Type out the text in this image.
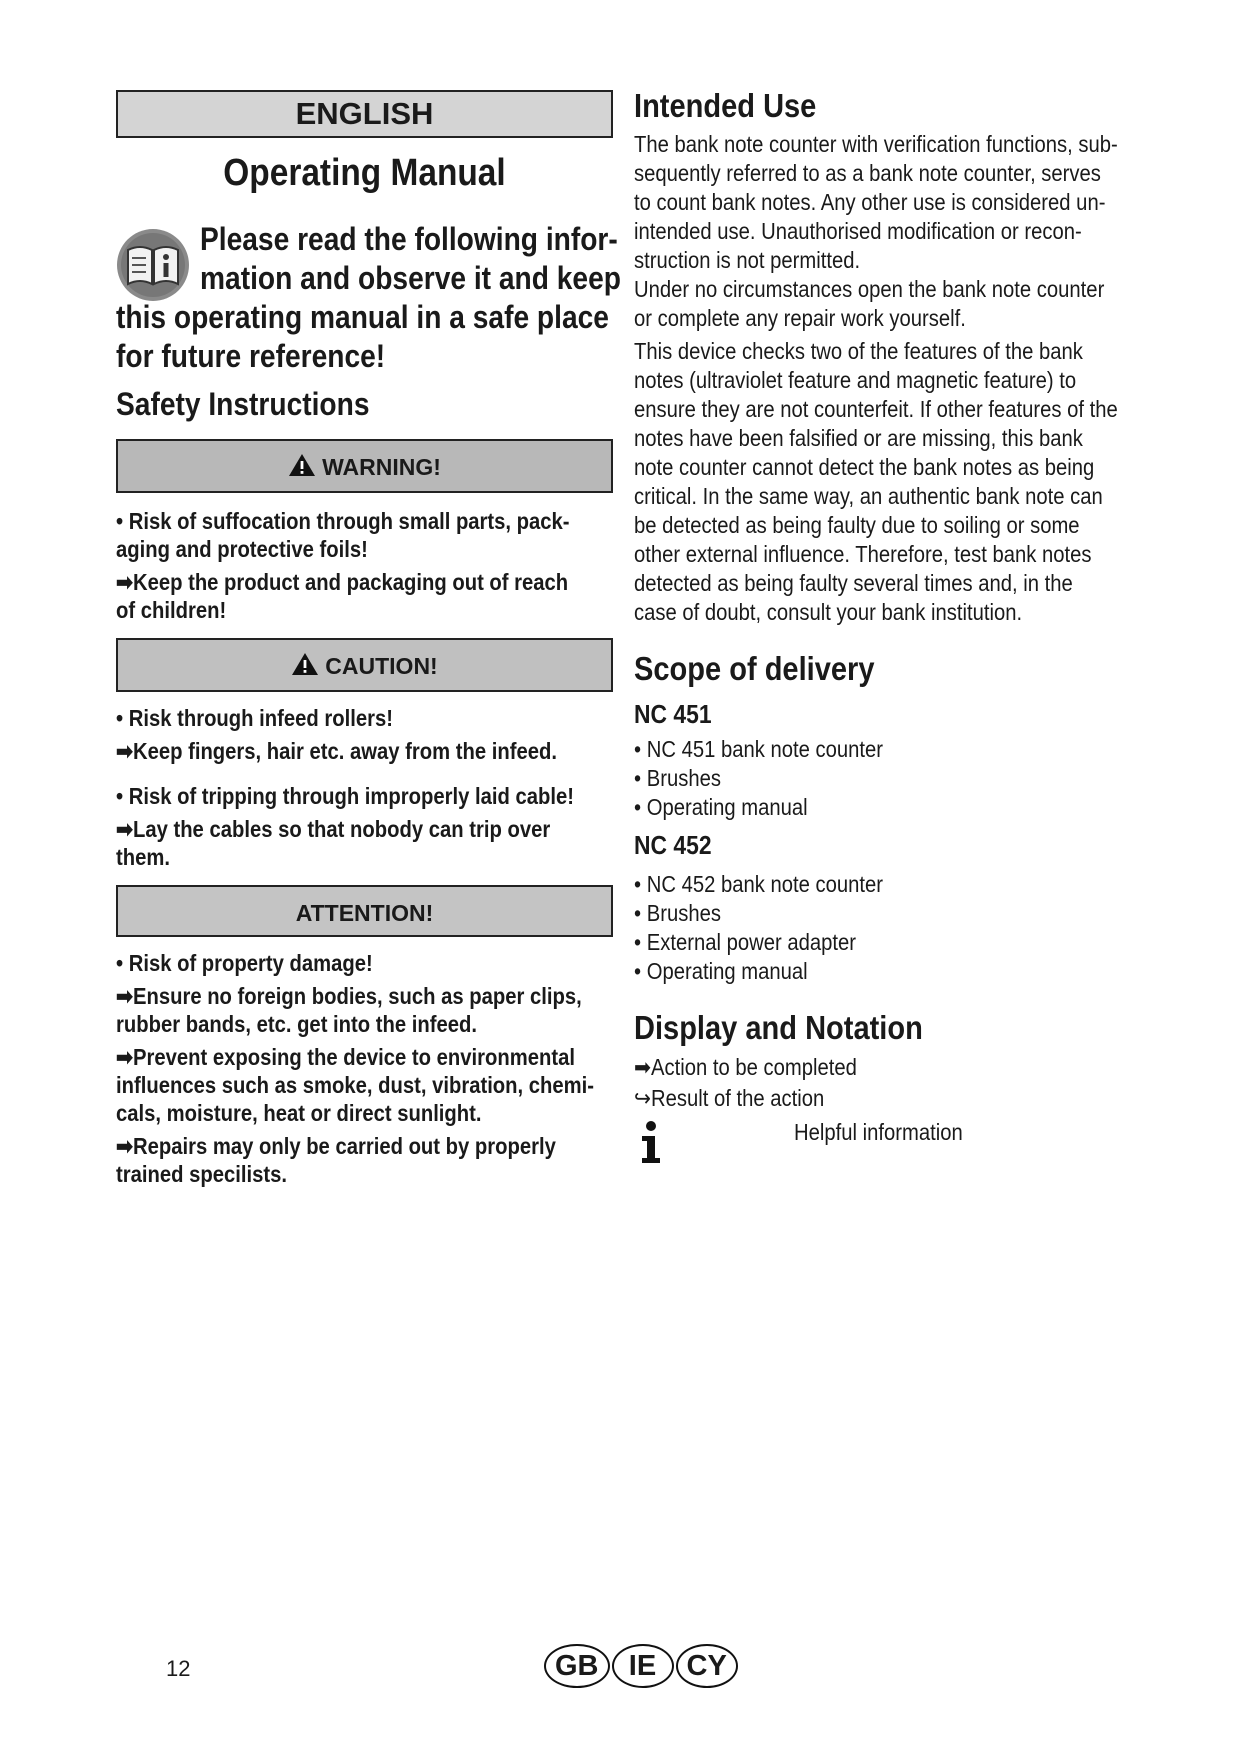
ENGLISH
Operating Manual
Please read the following infor-
mation and observe it and keep
this operating manual in a safe place
for future reference!
Safety Instructions
WARNING!
• Risk of suffocation through small parts, pack-
aging and protective foils!
➡Keep the product and packaging out of reach
of children!
CAUTION!
• Risk through infeed rollers!
➡Keep fingers, hair etc. away from the infeed.
• Risk of tripping through improperly laid cable!
➡Lay the cables so that nobody can trip over
them.
ATTENTION!
• Risk of property damage!
➡Ensure no foreign bodies, such as paper clips,
rubber bands, etc. get into the infeed.
➡Prevent exposing the device to environmental
influences such as smoke, dust, vibration, chemi-
cals, moisture, heat or direct sunlight.
➡Repairs may only be carried out by properly
trained specilists.
Intended Use
The bank note counter with verification functions, sub-
sequently referred to as a bank note counter, serves
to count bank notes. Any other use is considered un-
intended use. Unauthorised modification or recon-
struction is not permitted.
Under no circumstances open the bank note counter
or complete any repair work yourself.
This device checks two of the features of the bank
notes (ultraviolet feature and magnetic feature) to
ensure they are not counterfeit. If other features of the
notes have been falsified or are missing, this bank
note counter cannot detect the bank notes as being
critical. In the same way, an authentic bank note can
be detected as being faulty due to soiling or some
other external influence. Therefore, test bank notes
detected as being faulty several times and, in the
case of doubt, consult your bank institution.
Scope of delivery
NC 451
• NC 451 bank note counter
• Brushes
• Operating manual
NC 452
• NC 452 bank note counter
• Brushes
• External power adapter
• Operating manual
Display and Notation
➡Action to be completed
↪Result of the action
Helpful information
12	GB	IE	CY
